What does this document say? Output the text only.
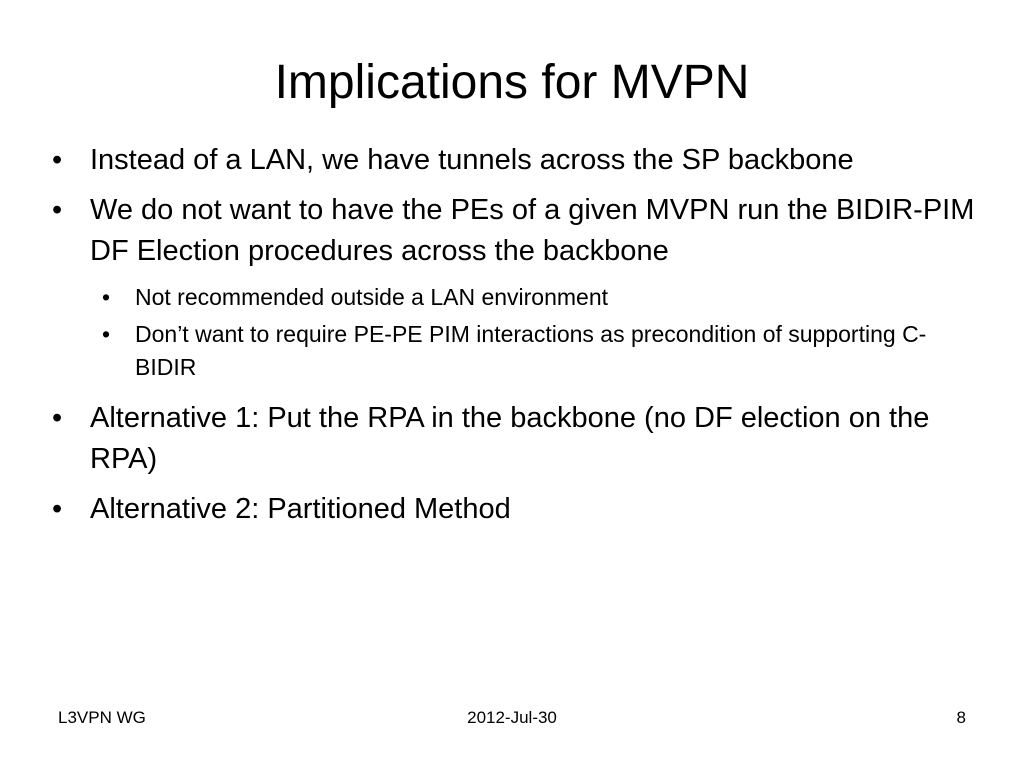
Implications for MVPN
• Instead of a LAN, we have tunnels across the SP backbone
• We do not want to have the PEs of a given MVPN run the BIDIR-PIM DF Election procedures across the backbone
• Not recommended outside a LAN environment
• Don’t want to require PE-PE PIM interactions as precondition of supporting C-BIDIR
• Alternative 1: Put the RPA in the backbone (no DF election on the RPA)
• Alternative 2: Partitioned Method
L3VPN WG	2012-Jul-30	8
